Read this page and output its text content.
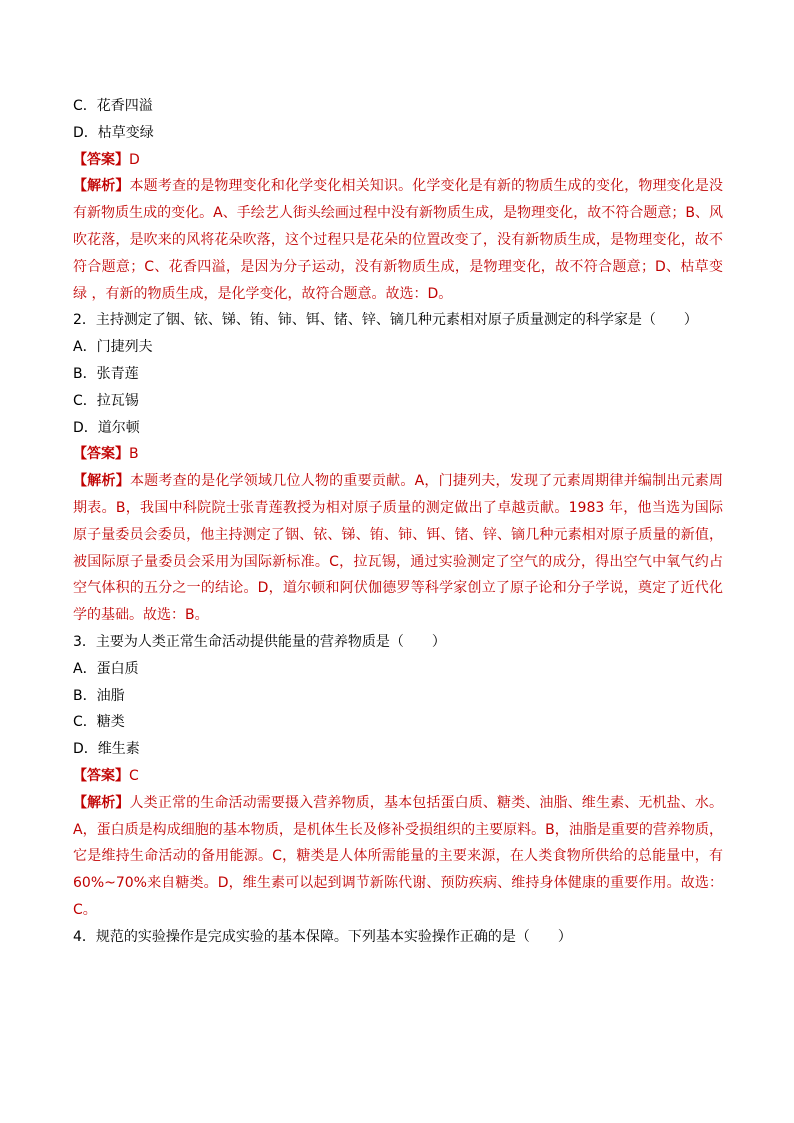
C．花香四溢
D．枯草变绿
【答案】D

【解析】本题考查的是物理变化和化学变化相关知识。化学变化是有新的物质生成的变化，物理变化是没有新物质生成的变化。A、手绘艺人街头绘画过程中没有新物质生成，是物理变化，故不符合题意；B、风吹花落，是吹来的风将花朵吹落，这个过程只是花朵的位置改变了，没有新物质生成，是物理变化，故不符合题意；C、花香四溢，是因为分子运动，没有新物质生成，是物理变化，故不符合题意；D、枯草变绿 ，有新的物质生成，是化学变化，故符合题意。故选：D。

2．主持测定了铟、铱、锑、铕、铈、铒、锗、锌、镝几种元素相对原子质量测定的科学家是（　　）
A．门捷列夫
B．张青莲
C．拉瓦锡
D．道尔顿
【答案】B

【解析】本题考查的是化学领域几位人物的重要贡献。A，门捷列夫，发现了元素周期律并编制出元素周期表。B，我国中科院院士张青莲教授为相对原子质量的测定做出了卓越贡献。1983 年，他当选为国际原子量委员会委员，他主持测定了铟、铱、锑、铕、铈、铒、锗、锌、镝几种元素相对原子质量的新值，被国际原子量委员会采用为国际新标准。C，拉瓦锡，通过实验测定了空气的成分，得出空气中氧气约占空气体积的五分之一的结论。D，道尔顿和阿伏伽德罗等科学家创立了原子论和分子学说，奠定了近代化学的基础。故选：B。

3．主要为人类正常生命活动提供能量的营养物质是（　　）
A．蛋白质
B．油脂
C．糖类
D．维生素
【答案】C

【解析】人类正常的生命活动需要摄入营养物质，基本包括蛋白质、糖类、油脂、维生素、无机盐、水。A，蛋白质是构成细胞的基本物质，是机体生长及修补受损组织的主要原料。B，油脂是重要的营养物质，它是维持生命活动的备用能源。C，糖类是人体所需能量的主要来源，在人类食物所供给的总能量中，有60%~70%来自糖类。D，维生素可以起到调节新陈代谢、预防疾病、维持身体健康的重要作用。故选：C。

4．规范的实验操作是完成实验的基本保障。下列基本实验操作正确的是（　　）
